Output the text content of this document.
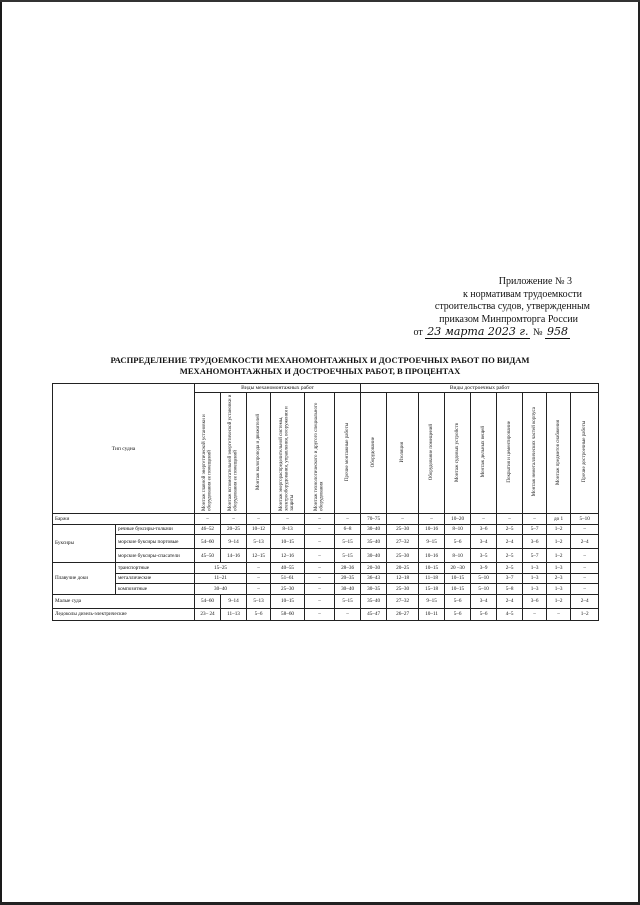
Приложение № 3
к нормативам трудоемкости
строительства судов, утвержденным
приказом Минпромторга России
от 23 марта 2023 г. № 958
РАСПРЕДЕЛЕНИЕ ТРУДОЕМКОСТИ МЕХАНОМОНТАЖНЫХ И ДОСТРОЕЧНЫХ РАБОТ ПО ВИДАМ
МЕХАНОМОНТАЖНЫХ И ДОСТРОЕЧНЫХ РАБОТ, В ПРОЦЕНТАХ
Тип судна		Виды механомонтажных работ						Виды достроечных работ								
		Монтаж главной энергетической установки и оборудования ее помещений	Монтаж вспомогательной энергетической установки и оборудования ее помещений	Монтаж валопровода и движителей	Монтаж энергораспределительной системы, электрооборудования, управления, вооружения и защиты	Монтаж технологического и другого специального оборудования	Прочие монтажные работы	Оборудование	Изоляция	Оборудование помещений	Монтаж судовых устройств	Монтаж дельных вещей	Покрытия и цементирование	Монтаж неметаллических частей корпуса	Монтаж предметов снабжения	Прочие достроечные работы
Баржи		–	–	–	–	–	–	70–75	–	–	10–20	–	–	–	до 1	5–10
Буксиры	речные буксиры-толкачи	46–52	20–25	10–12	8–13	–	6–8	30–40	25–30	10–16	8–10	3–6	2–5	5–7	1–2	–
	морские буксиры портовые	54–60	9–14	5–13	10–15	–	5–15	35–40	27–32	9–15	5–6	3–4	2–4	3–6	1–2	2–4
	морские буксиры-спасатели	45–50	14–16	12–15	12–16	–	5–15	30–40	25–30	10–16	8–10	3–5	2–5	5–7	1–2	–
Плавучие доки	транспортные	15–25		–	40–55	–	28–36	20–30	20–25	10–15	20 –30	3–9	2–5	1–3	1–3	–
	металлические	11–21		–	51–61	–	20–35	36–43	12–18	11–18	10–15	5–10	3–7	1–3	2–3	–
	композитные	30–40		–	25–30	–	30–40	30–35	25–30	15–18	10–15	5–10	5–8	1–3	1–3	–
Малые суда		54–60	9–14	5–13	10–15	–	5–15	35–40	27–32	9–15	5–6	3–4	2–4	3–6	1–2	2–4
Ледоколы дизель-электрические		23– 24	11–13	5–6	58–60	–	–	45–47	26–27	10–11	5–6	5–6	4–5	–	–	1–2
